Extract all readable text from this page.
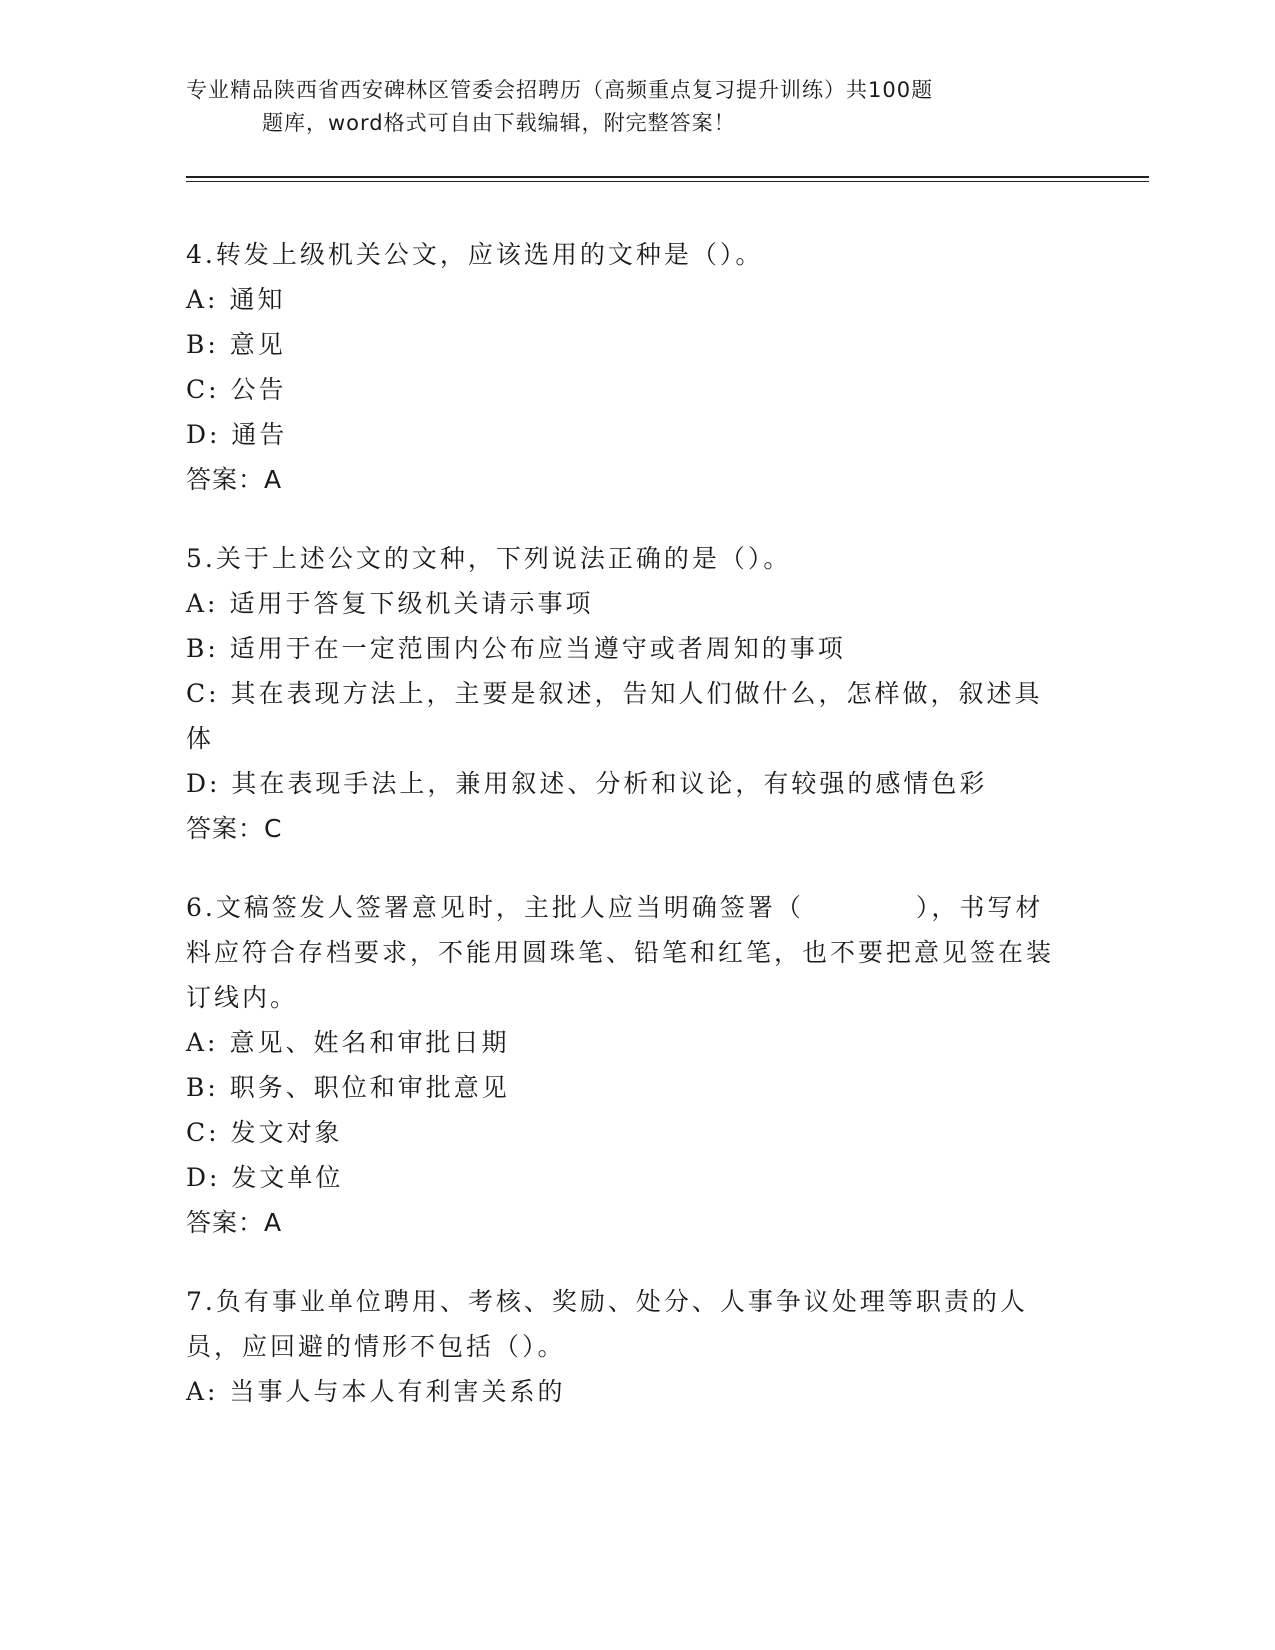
专业精品陕西省西安碑林区管委会招聘历（高频重点复习提升训练）共100题
题库，word格式可自由下载编辑，附完整答案！

4.转发上级机关公文，应该选用的文种是（）。

A: 通知

B: 意见

C: 公告

D: 通告

答案：A

5.关于上述公文的文种，下列说法正确的是（）。

A: 适用于答复下级机关请示事项

B: 适用于在一定范围内公布应当遵守或者周知的事项

C: 其在表现方法上，主要是叙述，告知人们做什么，怎样做，叙述具体

D: 其在表现手法上，兼用叙述、分析和议论，有较强的感情色彩

答案：C

6.文稿签发人签署意见时，主批人应当明确签署（　　　　），书写材料应符合存档要求，不能用圆珠笔、铅笔和红笔，也不要把意见签在装订线内。

A: 意见、姓名和审批日期

B: 职务、职位和审批意见

C: 发文对象

D: 发文单位

答案：A

7.负有事业单位聘用、考核、奖励、处分、人事争议处理等职责的人员，应回避的情形不包括（）。

A: 当事人与本人有利害关系的
